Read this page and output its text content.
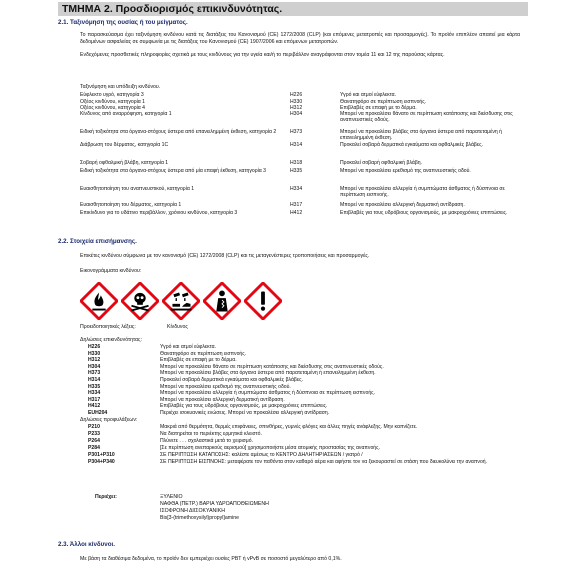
ΤΜΗΜΑ 2. Προσδιορισμός επικινδυνότητας.
2.1. Ταξινόμηση της ουσίας ή του μείγματος.
Το παρασκεύασμα έχει ταξινόμηση κινδύνου κατά τις διατάξεις του Κανονισμού (CE) 1272/2008 (CLP) (και επόμενες μετατροπές και προσαρμογές). Το προϊόν επιπλέον απαιτεί μια κάρτα δεδομένων ασφαλείας σε συμφωνία με τις διατάξεις του Κανονισμού (CE) 1907/2006 και επόμενων μετατροπών.
Ενδεχόμενες προσθετικές πληροφορίες σχετικά με τους κινδύνους για την υγεία και/ή το περιβάλλον αναγράφονται στον τομέα 11 και 12 της παρούσας κάρτας.
Ταξινόμηση και υπόδειξη κινδύνου.
Εύφλεκτο υγρό, κατηγορία 3	H226	Υγρό και ατμοί εύφλεκτα.
Οξέος κινδύνου, κατηγορία 1	H330	Θανατηφόρο σε περίπτωση εισπνοής.
Οξέος κινδύνου, κατηγορία 4	H312	Επιβλαβές σε επαφή με το δέρμα.
Κίνδυνος από αναρρόφηση, κατηγορία 1	H304	Μπορεί να προκαλέσει θάνατο σε περίπτωση κατάποσης και διείσδυσης στις αναπνευστικές οδούς.
Ειδική τοξικότητα στα όργανα-στόχους ύστερα από επανειλημμένη έκθεση, κατηγορία 2	H373	Μπορεί να προκαλέσει βλάβες στα όργανα ύστερα από παρατεταμένη ή επανειλημμένη έκθεση.
Διάβρωση του δέρματος, κατηγορία 1C	H314	Προκαλεί σοβαρά δερματικά εγκαύματα και οφθαλμικές βλάβες.
Σοβαρή οφθαλμική βλάβη, κατηγορία 1	H318	Προκαλεί σοβαρή οφθαλμική βλάβη.
Ειδική τοξικότητα στα όργανα-στόχους ύστερα από μία επαφή έκθεση, κατηγορία 3	H335	Μπορεί να προκαλέσει ερεθισμό της αναπνευστικής οδού.
Ευαισθητοποίηση του αναπνευστικού, κατηγορία 1	H334	Μπορεί να προκαλέσει αλλεργία ή συμπτώματα άσθματος ή δύσπνοια σε περίπτωση εισπνοής.
Ευαισθητοποίηση του δέρματος, κατηγορία 1	H317	Μπορεί να προκαλέσει αλλεργική δερματική αντίδραση.
Επικίνδυνο για το υδάτινο περιβάλλον, χρόνιου κινδύνου, κατηγορία 3	H412	Επιβλαβές για τους υδρόβιους οργανισμούς, με μακροχρόνιες επιπτώσεις.
2.2. Στοιχεία επισήμανσης.
Επικέτες κινδύνου σύμφωνα με τον κανονισμό (CE) 1272/2008 (CLP) και τις μεταγενέστερες τροποποιήσεις και προσαρμογές.
Εικονογράμματα κινδύνου:
Προειδοποιητικές λέξεις:	Κίνδυνος
Δηλώσεις επικινδυνότητας:
H226	Υγρό και ατμοί εύφλεκτα.
H330	Θανατηφόρο σε περίπτωση εισπνοής.
H312	Επιβλαβές σε επαφή με το δέρμα.
H304	Μπορεί να προκαλέσει θάνατο σε περίπτωση κατάποσης και διείσδυσης στις αναπνευστικές οδούς.
H373	Μπορεί να προκαλέσει βλάβες στα όργανα ύστερα από παρατεταμένη ή επανειλημμένη έκθεση.
H314	Προκαλεί σοβαρά δερματικά εγκαύματα και οφθαλμικές βλάβες.
H335	Μπορεί να προκαλέσει ερεθισμό της αναπνευστικής οδού.
H334	Μπορεί να προκαλέσει αλλεργία ή συμπτώματα άσθματος ή δύσπνοια σε περίπτωση εισπνοής.
H317	Μπορεί να προκαλέσει αλλεργική δερματική αντίδραση.
H412	Επιβλαβές για τους υδρόβιους οργανισμούς, με μακροχρόνιες επιπτώσεις.
EUH204	Περιέχει ισοκυανικές ενώσεις. Μπορεί να προκαλέσει αλλεργική αντίδραση.
Δηλώσεις προφυλάξεων:
P210	Μακριά από θερμότητα, θερμές επιφάνειες, σπινθήρες, γυμνές φλόγες και άλλες πηγές ανάφλεξης. Μην καπνίζετε.
P233	Να διατηρείται το περιέκτης ερμητικά κλειστό.
P264	Πλύνετε . . . σχολαστικά μετά το χειρισμό.
P284	[Σε περίπτωση ανεπαρκούς αερισμού] χρησιμοποιήστε μέσα ατομικής προστασίας της αναπνοής.
P301+P310	ΣΕ ΠΕΡΙΠΤΩΣΗ ΚΑΤΑΠΟΣΗΣ: καλέστε αμέσως το ΚΕΝΤΡΟ ΔΗΛΗΤΗΡΙΑΣΕΩΝ / γιατρό /
P304+P340	ΣΕ ΠΕΡΙΠΤΩΣΗ ΕΙΣΠΝΟΗΣ: μεταφέρατε τον παθόντα στον καθαρό αέρα και αφήστε τον να ξεκουραστεί σε στάση που διευκολύνει την αναπνοή.
Περιέχει:	ΞΥΛΕΝΙΟ
ΝΑΦΘΑ (ΠΕΤΡ.) ΒΑΡΙΑ ΥΔΡΟΑΠΟΘΕΙΩΜΕΝΗ
ΙΣΟΦΡΟΝΗ ΔΙΙΣΟΚΥΑΝΙΚΗ
Bis[3-(trimethoxysilyl)propyl]amine
2.3. Άλλοι κίνδυνοι.
Με βάση τα διαθέσιμα δεδομένα, το προϊόν δεν εμπεριέχει ουσίες PBT ή vPvB σε ποσοστό μεγαλύτερο από 0,1%.
